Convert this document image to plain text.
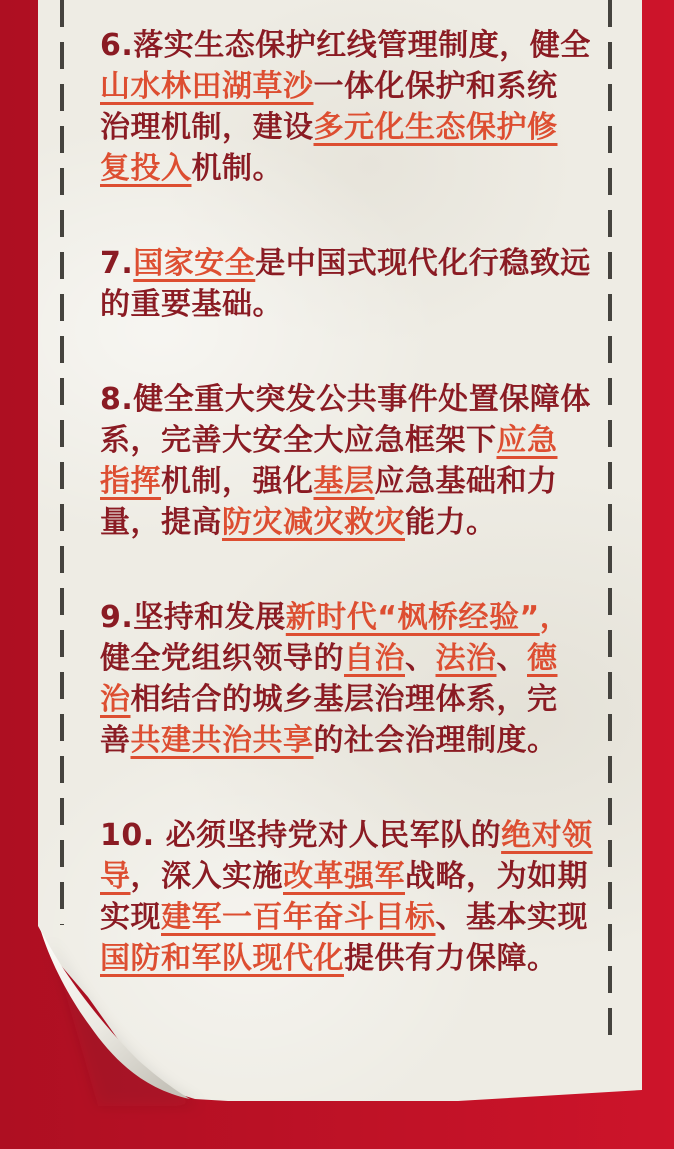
6.落实生态保护红线管理制度，健全
山水林田湖草沙一体化保护和系统
治理机制，建设多元化生态保护修
复投入机制。
7.国家安全是中国式现代化行稳致远
的重要基础。
8.健全重大突发公共事件处置保障体
系，完善大安全大应急框架下应急
指挥机制，强化基层应急基础和力
量，提高防灾减灾救灾能力。
9.坚持和发展新时代“枫桥经验”，
健全党组织领导的自治、法治、德
治相结合的城乡基层治理体系，完
善共建共治共享的社会治理制度。
10. 必须坚持党对人民军队的绝对领
导，深入实施改革强军战略，为如期
实现建军一百年奋斗目标、基本实现
国防和军队现代化提供有力保障。
